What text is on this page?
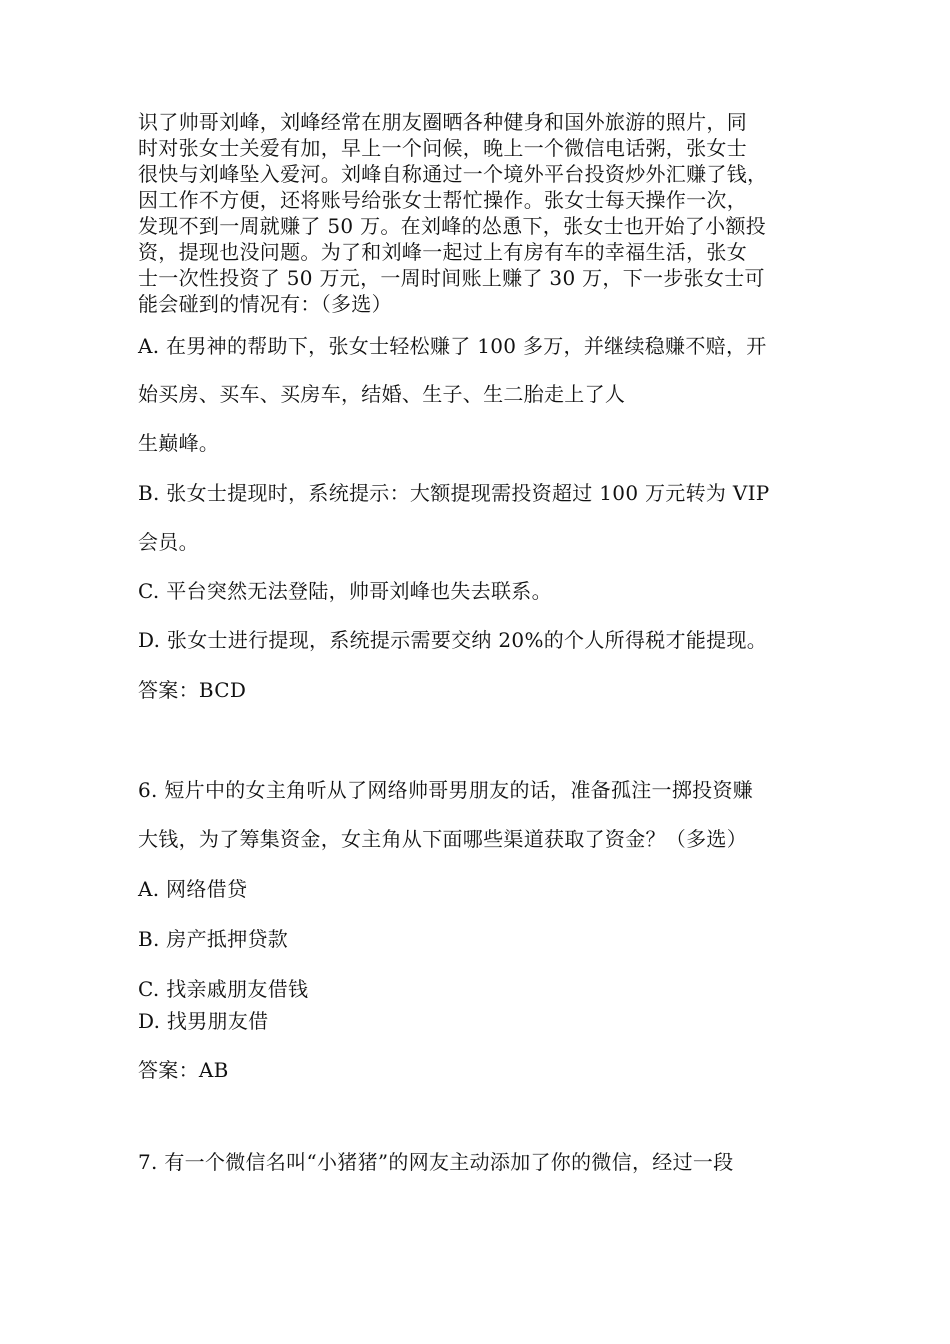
识了帅哥刘峰，刘峰经常在朋友圈晒各种健身和国外旅游的照片，同
时对张女士关爱有加，早上一个问候，晚上一个微信电话粥，张女士
很快与刘峰坠入爱河。刘峰自称通过一个境外平台投资炒外汇赚了钱，
因工作不方便，还将账号给张女士帮忙操作。张女士每天操作一次，
发现不到一周就赚了 50 万。在刘峰的怂恿下，张女士也开始了小额投
资，提现也没问题。为了和刘峰一起过上有房有车的幸福生活，张女
士一次性投资了 50 万元，一周时间账上赚了 30 万，下一步张女士可
能会碰到的情况有：（多选）
A. 在男神的帮助下，张女士轻松赚了 100 多万，并继续稳赚不赔，开
始买房、买车、买房车，结婚、生子、生二胎走上了人
生巅峰。
B. 张女士提现时，系统提示：大额提现需投资超过 100 万元转为 VIP
会员。
C. 平台突然无法登陆，帅哥刘峰也失去联系。
D. 张女士进行提现，系统提示需要交纳 20%的个人所得税才能提现。
答案：BCD
6. 短片中的女主角听从了网络帅哥男朋友的话，准备孤注一掷投资赚
大钱，为了筹集资金，女主角从下面哪些渠道获取了资金？（多选）
A. 网络借贷
B. 房产抵押贷款
C. 找亲戚朋友借钱
D. 找男朋友借
答案：AB
7. 有一个微信名叫“小猪猪”的网友主动添加了你的微信，经过一段
